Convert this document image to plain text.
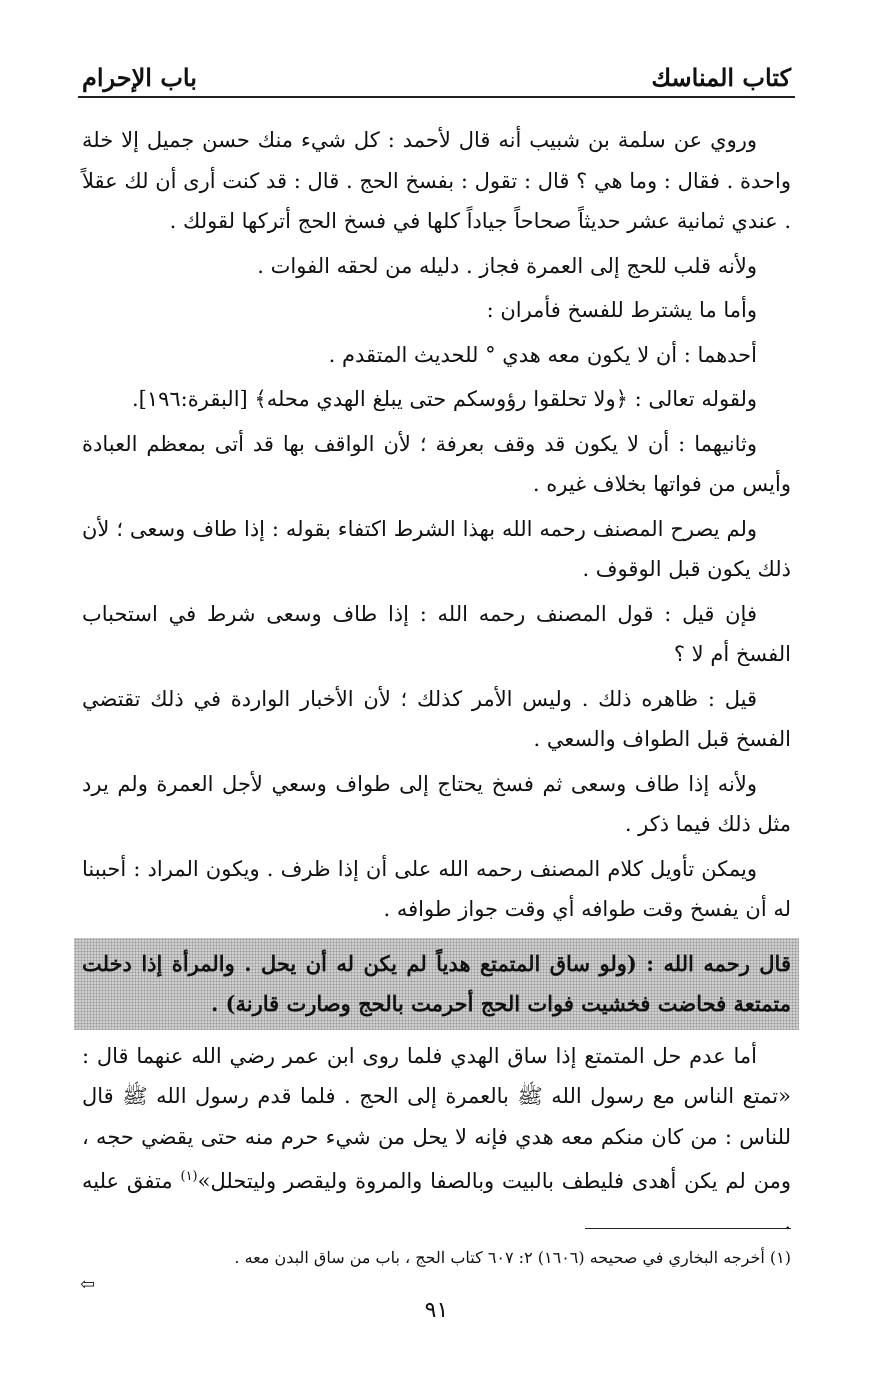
كتاب المناسك
باب الإحرام

وروي عن سلمة بن شبيب أنه قال لأحمد : كل شيء منك حسن جميل إلا خلة واحدة . فقال : وما هي ؟ قال : تقول : بفسخ الحج . قال : قد كنت أرى أن لك عقلاً . عندي ثمانية عشر حديثاً صحاحاً جياداً كلها في فسخ الحج أتركها لقولك .

ولأنه قلب للحج إلى العمرة فجاز . دليله من لحقه الفوات .

وأما ما يشترط للفسخ فأمران :

أحدهما : أن لا يكون معه هدي ° للحديث المتقدم .

ولقوله تعالى : ﴿ولا تحلقوا رؤوسكم حتى يبلغ الهدي محله﴾ [البقرة:١٩٦].

وثانيهما : أن لا يكون قد وقف بعرفة ؛ لأن الواقف بها قد أتى بمعظم العبادة وأيس من فواتها بخلاف غيره .

ولم يصرح المصنف رحمه الله بهذا الشرط اكتفاء بقوله : إذا طاف وسعى ؛ لأن ذلك يكون قبل الوقوف .

فإن قيل : قول المصنف رحمه الله : إذا طاف وسعى شرط في استحباب الفسخ أم لا ؟

قيل : ظاهره ذلك . وليس الأمر كذلك ؛ لأن الأخبار الواردة في ذلك تقتضي الفسخ قبل الطواف والسعي .

ولأنه إذا طاف وسعى ثم فسخ يحتاج إلى طواف وسعي لأجل العمرة ولم يرد مثل ذلك فيما ذكر .

ويمكن تأويل كلام المصنف رحمه الله على أن إذا ظرف . ويكون المراد : أحببنا له أن يفسخ وقت طوافه أي وقت جواز طوافه .

قال رحمه الله : (ولو ساق المتمتع هدياً لم يكن له أن يحل . والمرأة إذا دخلت متمتعة فحاضت فخشيت فوات الحج أحرمت بالحج وصارت قارنة) .

أما عدم حل المتمتع إذا ساق الهدي فلما روى ابن عمر رضي الله عنهما قال : «تمتع الناس مع رسول الله ﷺ بالعمرة إلى الحج . فلما قدم رسول الله ﷺ قال للناس : من كان منكم معه هدي فإنه لا يحل من شيء حرم منه حتى يقضي حجه ، ومن لم يكن أهدى فليطف بالبيت وبالصفا والمروة وليقصر وليتحلل»$^{(١)}$ متفق عليه .

(١) أخرجه البخاري في صحيحه (١٦٠٦) ٢: ٦٠٧ كتاب الحج ، باب من ساق البدن معه .
⇦
٩١
